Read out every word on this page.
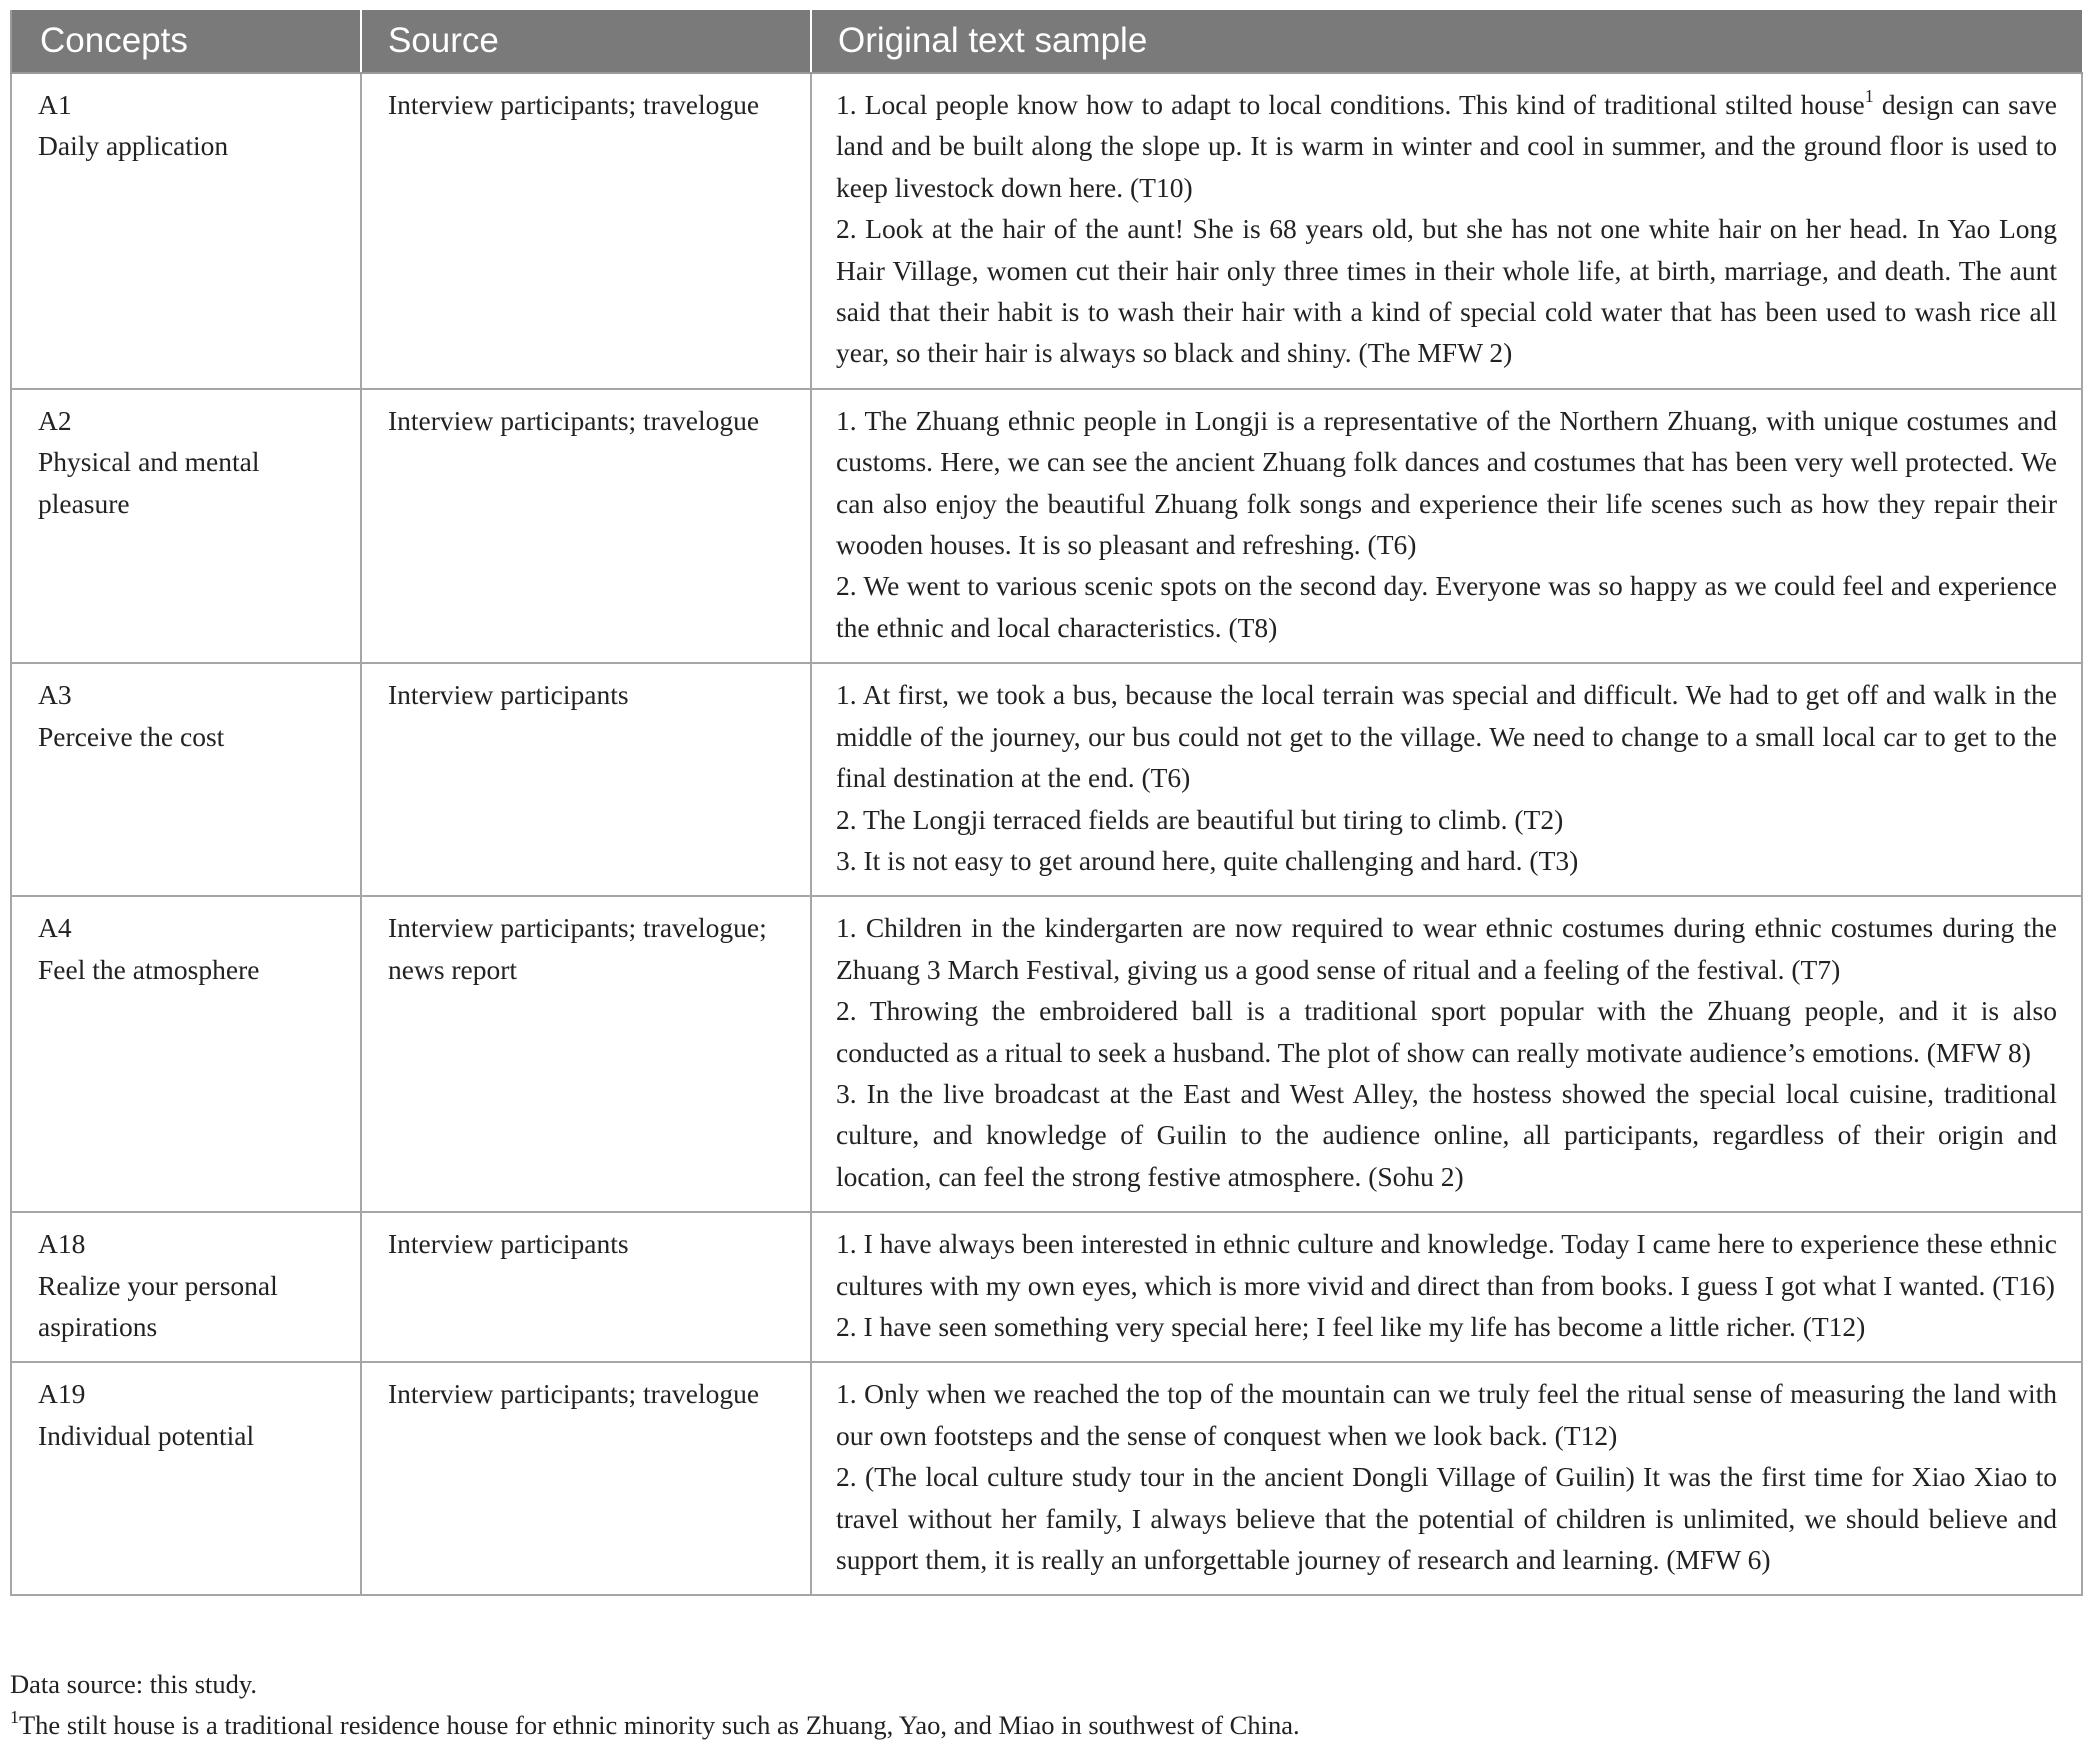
Concepts	Source	Original text sample

A1
Daily application	Interview participants; travelogue	1. Local people know how to adapt to local conditions. This kind of traditional stilted house$^1$ design can save land and be built along the slope up. It is warm in winter and cool in summer, and the ground floor is used to keep livestock down here. (T10)
2. Look at the hair of the aunt! She is 68 years old, but she has not one white hair on her head. In Yao Long Hair Village, women cut their hair only three times in their whole life, at birth, marriage, and death. The aunt said that their habit is to wash their hair with a kind of special cold water that has been used to wash rice all year, so their hair is always so black and shiny. (The MFW 2)

A2
Physical and mental pleasure	Interview participants; travelogue	1. The Zhuang ethnic people in Longji is a representative of the Northern Zhuang, with unique costumes and customs. Here, we can see the ancient Zhuang folk dances and costumes that has been very well protected. We can also enjoy the beautiful Zhuang folk songs and experience their life scenes such as how they repair their wooden houses. It is so pleasant and refreshing. (T6)
2. We went to various scenic spots on the second day. Everyone was so happy as we could feel and experience the ethnic and local characteristics. (T8)

A3
Perceive the cost	Interview participants	1. At first, we took a bus, because the local terrain was special and difficult. We had to get off and walk in the middle of the journey, our bus could not get to the village. We need to change to a small local car to get to the final destination at the end. (T6)
2. The Longji terraced fields are beautiful but tiring to climb. (T2)
3. It is not easy to get around here, quite challenging and hard. (T3)

A4
Feel the atmosphere	Interview participants; travelogue; news report	1. Children in the kindergarten are now required to wear ethnic costumes during ethnic costumes during the Zhuang 3 March Festival, giving us a good sense of ritual and a feeling of the festival. (T7)
2. Throwing the embroidered ball is a traditional sport popular with the Zhuang people, and it is also conducted as a ritual to seek a husband. The plot of show can really motivate audience’s emotions. (MFW 8)
3. In the live broadcast at the East and West Alley, the hostess showed the special local cuisine, traditional culture, and knowledge of Guilin to the audience online, all participants, regardless of their origin and location, can feel the strong festive atmosphere. (Sohu 2)

A18
Realize your personal aspirations	Interview participants	1. I have always been interested in ethnic culture and knowledge. Today I came here to experience these ethnic cultures with my own eyes, which is more vivid and direct than from books. I guess I got what I wanted. (T16)
2. I have seen something very special here; I feel like my life has become a little richer. (T12)

A19
Individual potential	Interview participants; travelogue	1. Only when we reached the top of the mountain can we truly feel the ritual sense of measuring the land with our own footsteps and the sense of conquest when we look back. (T12)
2. (The local culture study tour in the ancient Dongli Village of Guilin) It was the first time for Xiao Xiao to travel without her family, I always believe that the potential of children is unlimited, we should believe and support them, it is really an unforgettable journey of research and learning. (MFW 6)
Data source: this study.
$^1$The stilt house is a traditional residence house for ethnic minority such as Zhuang, Yao, and Miao in southwest of China.
